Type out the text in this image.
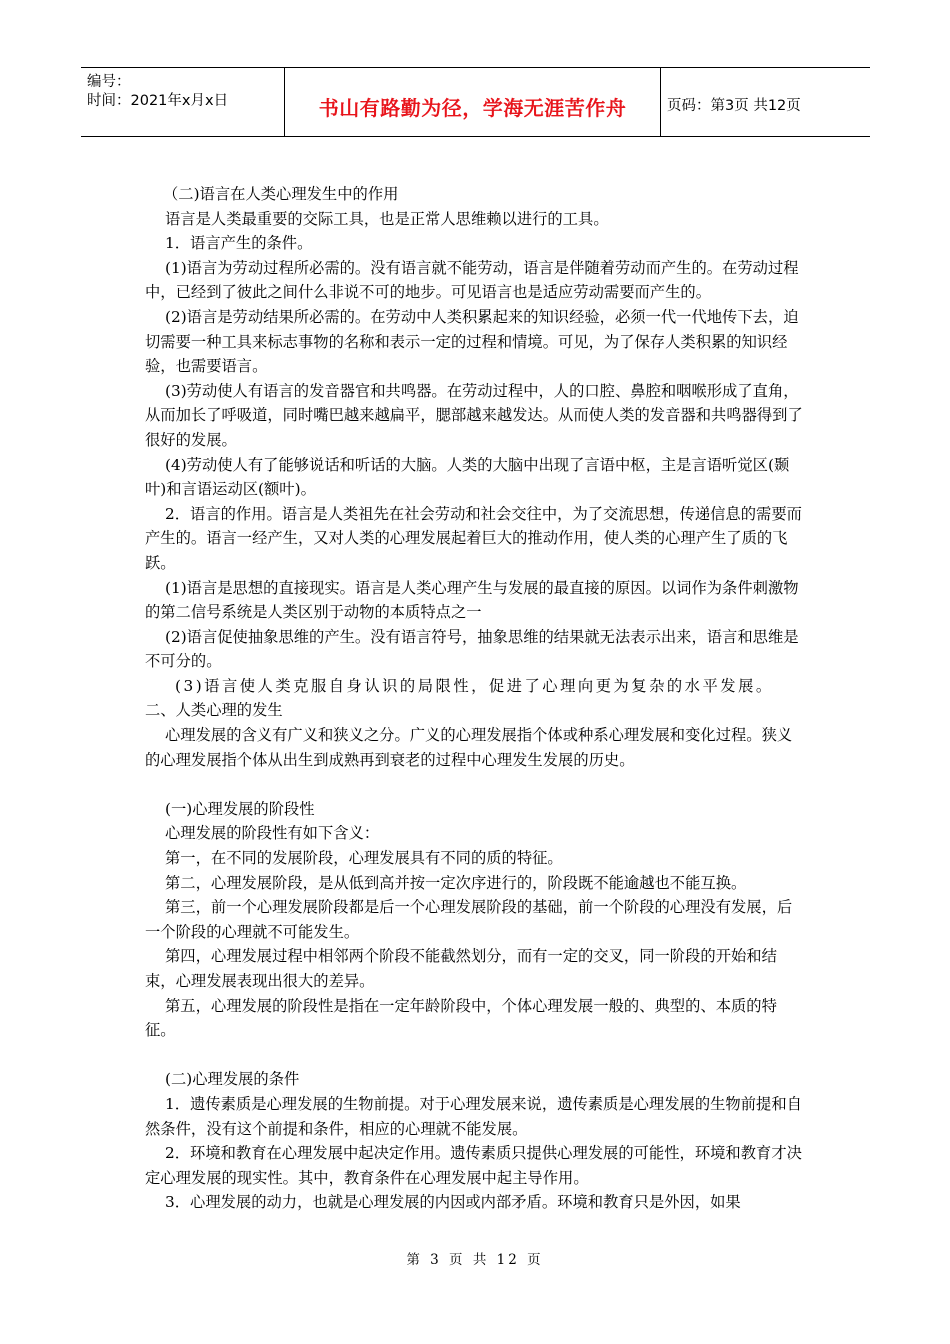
编号：
时间：2021年x月x日	书山有路勤为径，学海无涯苦作舟	页码：第3页 共12页

（二)语言在人类心理发生中的作用

语言是人类最重要的交际工具，也是正常人思维赖以进行的工具。

1．语言产生的条件。

(1)语言为劳动过程所必需的。没有语言就不能劳动，语言是伴随着劳动而产生的。在劳动过程中，已经到了彼此之间什么非说不可的地步。可见语言也是适应劳动需要而产生的。

(2)语言是劳动结果所必需的。在劳动中人类积累起来的知识经验，必须一代一代地传下去，迫切需要一种工具来标志事物的名称和表示一定的过程和情境。可见，为了保存人类积累的知识经验，也需要语言。

(3)劳动使人有语言的发音器官和共鸣器。在劳动过程中，人的口腔、鼻腔和咽喉形成了直角，从而加长了呼吸道，同时嘴巴越来越扁平，腮部越来越发达。从而使人类的发音器和共鸣器得到了很好的发展。

(4)劳动使人有了能够说话和听话的大脑。人类的大脑中出现了言语中枢，主是言语听觉区(颞叶)和言语运动区(额叶)。

2．语言的作用。语言是人类祖先在社会劳动和社会交往中，为了交流思想，传递信息的需要而产生的。语言一经产生，又对人类的心理发展起着巨大的推动作用，使人类的心理产生了质的飞跃。

(1)语言是思想的直接现实。语言是人类心理产生与发展的最直接的原因。以词作为条件刺激物的第二信号系统是人类区别于动物的本质特点之一

(2)语言促使抽象思维的产生。没有语言符号，抽象思维的结果就无法表示出来，语言和思维是不可分的。

(3)语言使人类克服自身认识的局限性，促进了心理向更为复杂的水平发展。

二、人类心理的发生

心理发展的含义有广义和狭义之分。广义的心理发展指个体或种系心理发展和变化过程。狭义的心理发展指个体从出生到成熟再到衰老的过程中心理发生发展的历史。

(一)心理发展的阶段性

心理发展的阶段性有如下含义：

第一，在不同的发展阶段，心理发展具有不同的质的特征。

第二，心理发展阶段，是从低到高并按一定次序进行的，阶段既不能逾越也不能互换。

第三，前一个心理发展阶段都是后一个心理发展阶段的基础，前一个阶段的心理没有发展，后一个阶段的心理就不可能发生。

第四，心理发展过程中相邻两个阶段不能截然划分，而有一定的交叉，同一阶段的开始和结束，心理发展表现出很大的差异。

第五，心理发展的阶段性是指在一定年龄阶段中，个体心理发展一般的、典型的、本质的特征。

(二)心理发展的条件

1．遗传素质是心理发展的生物前提。对于心理发展来说，遗传素质是心理发展的生物前提和自然条件，没有这个前提和条件，相应的心理就不能发展。

2．环境和教育在心理发展中起决定作用。遗传素质只提供心理发展的可能性，环境和教育才决定心理发展的现实性。其中，教育条件在心理发展中起主导作用。

3．心理发展的动力，也就是心理发展的内因或内部矛盾。环境和教育只是外因，如果

第 3 页 共 12 页
